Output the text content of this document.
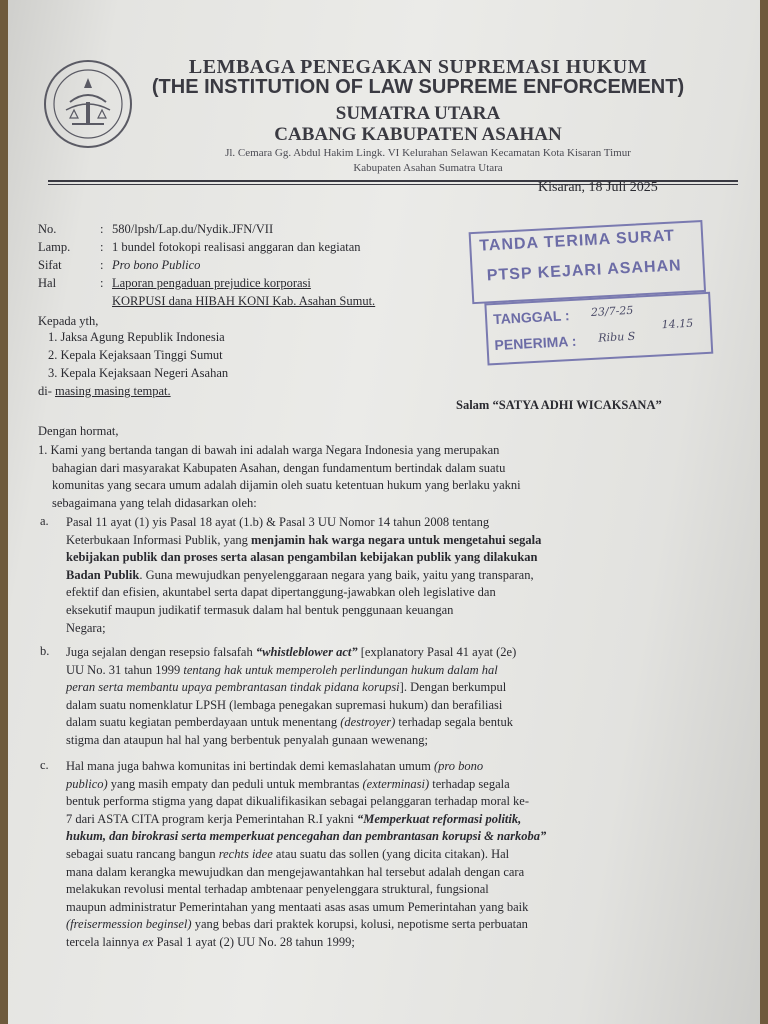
LEMBAGA PENEGAKAN SUPREMASI HUKUM
(THE INSTITUTION OF LAW SUPREME ENFORCEMENT)
SUMATRA UTARA
CABANG KABUPATEN ASAHAN
Jl. Cemara Gg. Abdul Hakim Lingk. VI Kelurahan Selawan Kecamatan Kota Kisaran Timur
Kabupaten Asahan Sumatra Utara
Kisaran, 18 Juli 2025
No.	: 580/lpsh/Lap.du/Nydik.JFN/VII
Lamp.	: 1 bundel fotokopi realisasi anggaran dan kegiatan
Sifat	: Pro bono Publico
Hal	: Laporan pengaduan prejudice korporasi
KORPUSI dana HIBAH KONI Kab. Asahan Sumut.
TANDA TERIMA SURAT
PTSP KEJARI ASAHAN
TANGGAL :
PENERIMA :
23/7-25
14.15
Ribu S
Kepada yth,
1. Jaksa Agung Republik Indonesia
2. Kepala Kejaksaan Tinggi Sumut
3. Kepala Kejaksaan Negeri Asahan
di- masing masing tempat.
Salam “SATYA ADHI WICAKSANA”
Dengan hormat,
1. Kami yang bertanda tangan di bawah ini adalah warga Negara Indonesia yang merupakan
bahagian dari masyarakat Kabupaten Asahan, dengan fundamentum bertindak dalam suatu
komunitas yang secara umum adalah dijamin oleh suatu ketentuan hukum yang berlaku yakni
sebagaimana yang telah didasarkan oleh:
a. Pasal 11 ayat (1) yis Pasal 18 ayat (1.b) & Pasal 3 UU Nomor 14 tahun 2008 tentang
Keterbukaan Informasi Publik, yang menjamin hak warga negara untuk mengetahui segala
kebijakan publik dan proses serta alasan pengambilan kebijakan publik yang dilakukan
Badan Publik. Guna mewujudkan penyelenggaraan negara yang baik, yaitu yang transparan,
efektif dan efisien, akuntabel serta dapat dipertanggung-jawabkan oleh legislative dan
eksekutif maupun judikatif termasuk dalam hal bentuk penggunaan keuangan
Negara;
b. Juga sejalan dengan resepsio falsafah “whistleblower act” [explanatory Pasal 41 ayat (2e)
UU No. 31 tahun 1999 tentang hak untuk memperoleh perlindungan hukum dalam hal
peran serta membantu upaya pembrantasan tindak pidana korupsi]. Dengan berkumpul
dalam suatu nomenklatur LPSH (lembaga penegakan supremasi hukum) dan berafiliasi
dalam suatu kegiatan pemberdayaan untuk menentang (destroyer) terhadap segala bentuk
stigma dan ataupun hal hal yang berbentuk penyalah gunaan wewenang;
c. Hal mana juga bahwa komunitas ini bertindak demi kemaslahatan umum (pro bono
publico) yang masih empaty dan peduli untuk membrantas (exterminasi) terhadap segala
bentuk performa stigma yang dapat dikualifikasikan sebagai pelanggaran terhadap moral ke-
7 dari ASTA CITA program kerja Pemerintahan R.I yakni “Memperkuat reformasi politik,
hukum, dan birokrasi serta memperkuat pencegahan dan pembrantasan korupsi & narkoba”
sebagai suatu rancang bangun rechts idee atau suatu das sollen (yang dicita citakan). Hal
mana dalam kerangka mewujudkan dan mengejawantahkan hal tersebut adalah dengan cara
melakukan revolusi mental terhadap ambtenaar penyelenggara struktural, fungsional
maupun administratur Pemerintahan yang mentaati asas asas umum Pemerintahan yang baik
(freisermession beginsel) yang bebas dari praktek korupsi, kolusi, nepotisme serta perbuatan
tercela lainnya ex Pasal 1 ayat (2) UU No. 28 tahun 1999;
